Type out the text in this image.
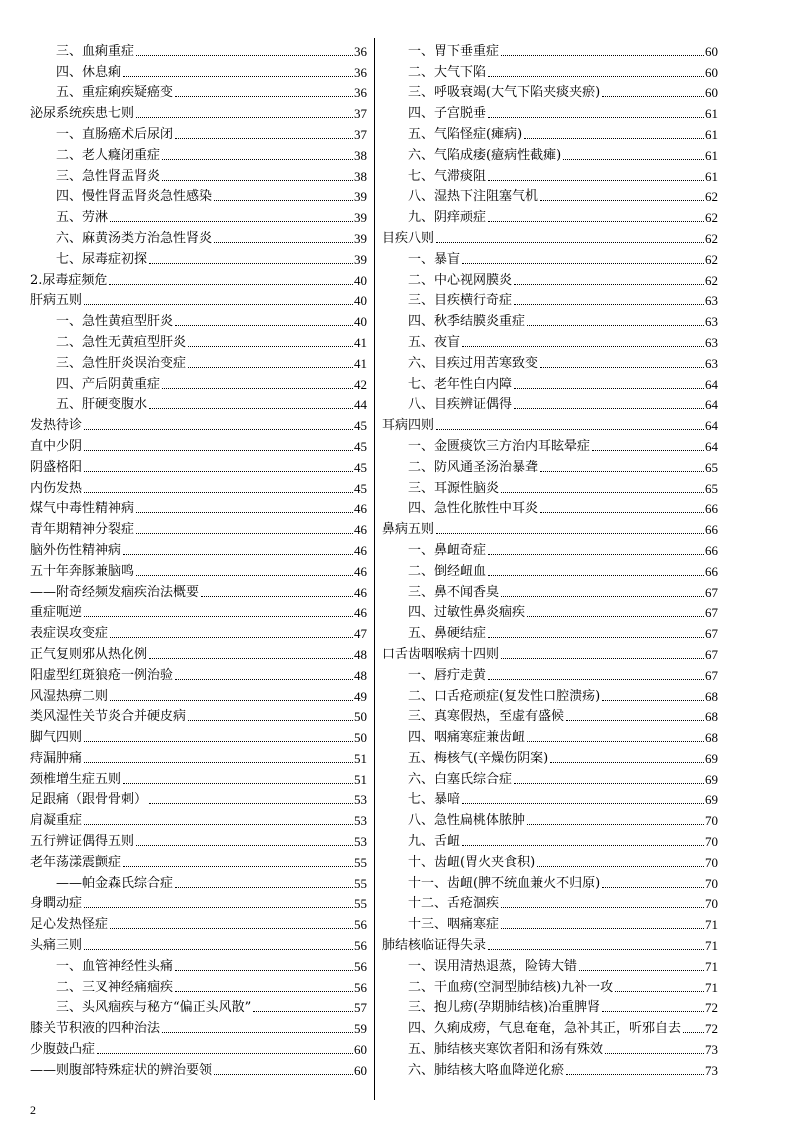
三、血痢重症	36
四、休息痢	36
五、重症痢疾疑癌变	36
泌尿系统疾患七则	37
一、直肠癌术后尿闭	37
二、老人癃闭重症	38
三、急性肾盂肾炎	38
四、慢性肾盂肾炎急性感染	39
五、劳淋	39
六、麻黄汤类方治急性肾炎	39
七、尿毒症初探	39
2.尿毒症频危	40
肝病五则	40
一、急性黄疸型肝炎	40
二、急性无黄疸型肝炎	41
三、急性肝炎误治变症	41
四、产后阴黄重症	42
五、肝硬变腹水	44
发热待诊	45
直中少阴	45
阴盛格阳	45
内伤发热	45
煤气中毒性精神病	46
青年期精神分裂症	46
脑外伤性精神病	46
五十年奔豚兼脑鸣	46
——附奇经频发痼疾治法概要	46
重症呃逆	46
表症误攻变症	47
正气复则邪从热化例	48
阳虚型红斑狼疮一例治验	48
风湿热痹二则	49
类风湿性关节炎合并硬皮病	50
脚气四则	50
痔漏肿痛	51
颈椎增生症五则	51
足跟痛（跟骨骨刺）	53
肩凝重症	53
五行辨证偶得五则	53
老年荡漾震颤症	55
——帕金森氏综合症	55
身瞤动症	55
足心发热怪症	56
头痛三则	56
一、血管神经性头痛	56
二、三叉神经痛痼疾	56
三、头风痼疾与秘方“偏正头风散”	57
膝关节积液的四种治法	59
少腹鼓凸症	60
——则腹部特殊症状的辨治要领	60
一、胃下垂重症	60
二、大气下陷	60
三、呼吸衰竭(大气下陷夹痰夹瘀)	60
四、子宫脱垂	61
五、气陷怪症(瘫病)	61
六、气陷成痿(癔病性截瘫)	61
七、气滞痰阻	61
八、湿热下注阻塞气机	62
九、阴痒顽症	62
目疾八则	62
一、暴盲	62
二、中心视网膜炎	62
三、目疾横行奇症	63
四、秋季结膜炎重症	63
五、夜盲	63
六、目疾过用苦寒致变	63
七、老年性白内障	64
八、目疾辨证偶得	64
耳病四则	64
一、金匮痰饮三方治内耳眩晕症	64
二、防风通圣汤治暴聋	65
三、耳源性脑炎	65
四、急性化脓性中耳炎	66
鼻病五则	66
一、鼻衄奇症	66
二、倒经衄血	66
三、鼻不闻香臭	67
四、过敏性鼻炎痼疾	67
五、鼻硬结症	67
口舌齿咽喉病十四则	67
一、唇疔走黄	67
二、口舌疮顽症(复发性口腔溃疡)	68
三、真寒假热，至虚有盛候	68
四、咽痛寒症兼齿衄	68
五、梅核气(辛燥伤阴案)	69
六、白塞氏综合症	69
七、暴喑	69
八、急性扁桃体脓肿	70
九、舌衄	70
十、齿衄(胃火夹食积)	70
十一、齿衄(脾不统血兼火不归原)	70
十二、舌疮涸疾	70
十三、咽痛寒症	71
肺结核临证得失录	71
一、误用清热退蒸，险铸大错	71
二、干血痨(空洞型肺结核)九补一攻	71
三、抱儿痨(孕期肺结核)冶重脾肾	72
四、久痢成痨，气息奄奄，急补其正，听邪自去 72
五、肺结核夹寒饮者阳和汤有殊效	73
六、肺结核大咯血降逆化瘀	73
2
